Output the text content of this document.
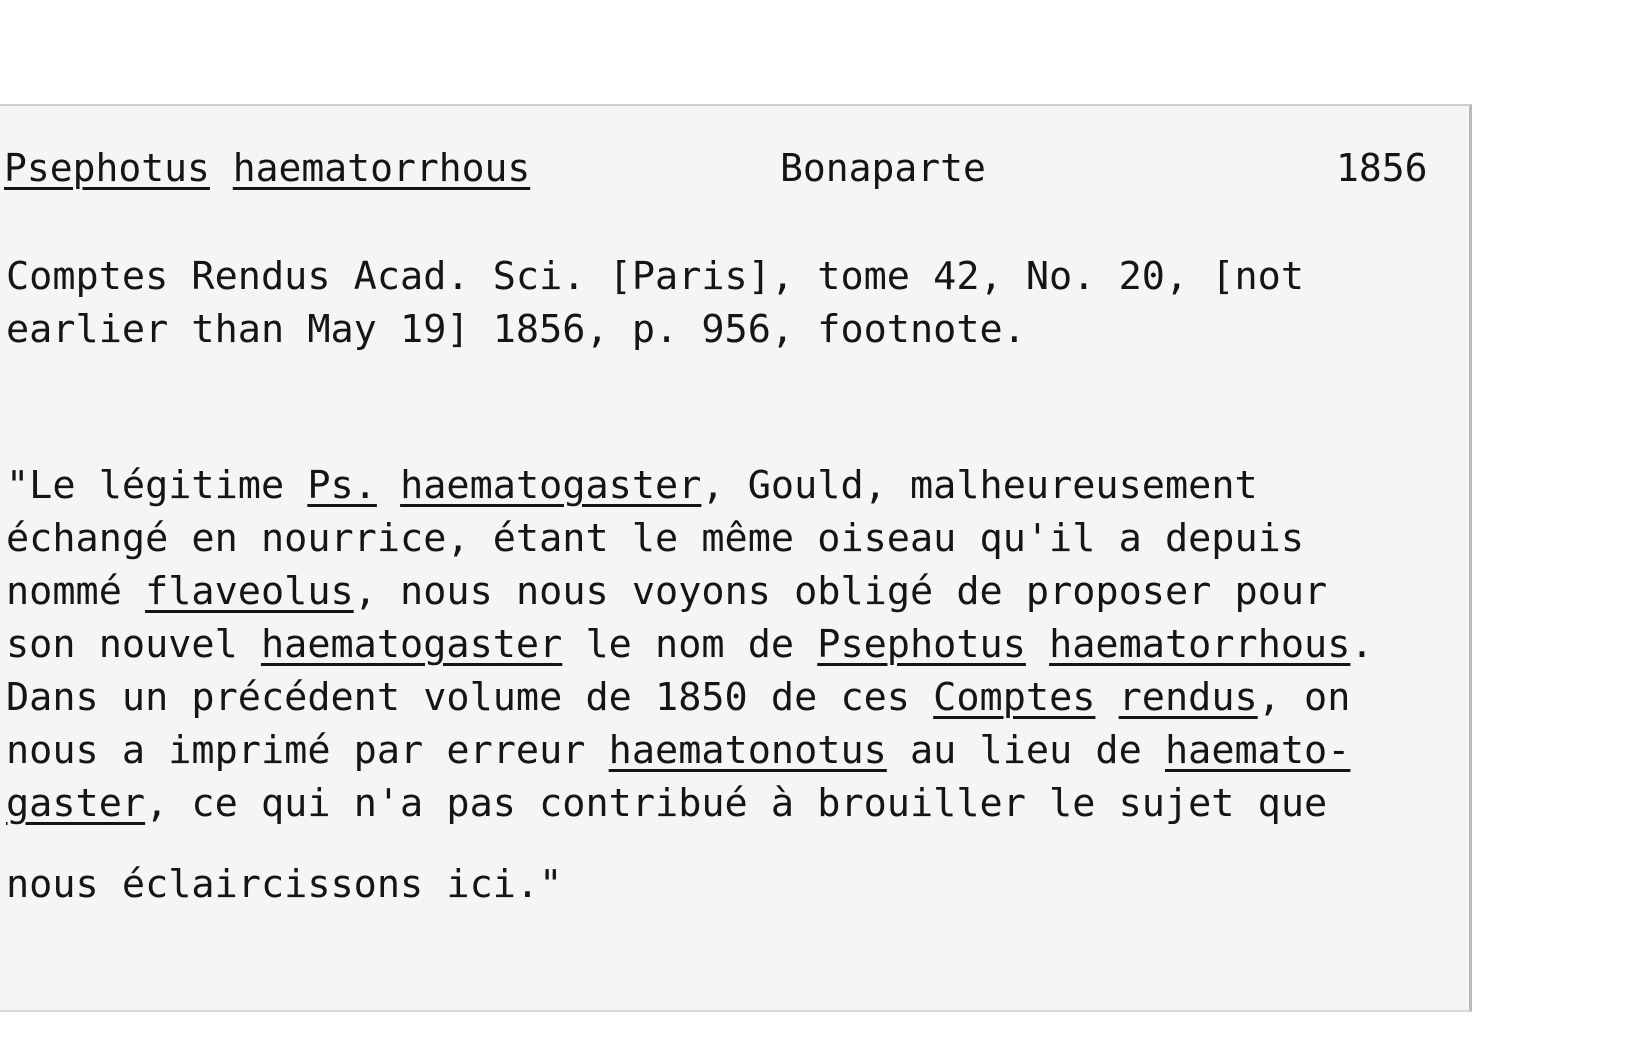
Psephotus haematorrhous	Bonaparte	1856
Comptes Rendus Acad. Sci. [Paris], tome 42, No. 20, [not
earlier than May 19] 1856, p. 956, footnote.

"Le légitime Ps. haematogaster, Gould, malheureusement
échangé en nourrice, étant le même oiseau qu'il a depuis
nommé flaveolus, nous nous voyons obligé de proposer pour
son nouvel haematogaster le nom de Psephotus haematorrhous.
Dans un précédent volume de 1850 de ces Comptes rendus, on
nous a imprimé par erreur haematonotus au lieu de haemato-
gaster, ce qui n'a pas contribué à brouiller le sujet que
nous éclaircissons ici."
